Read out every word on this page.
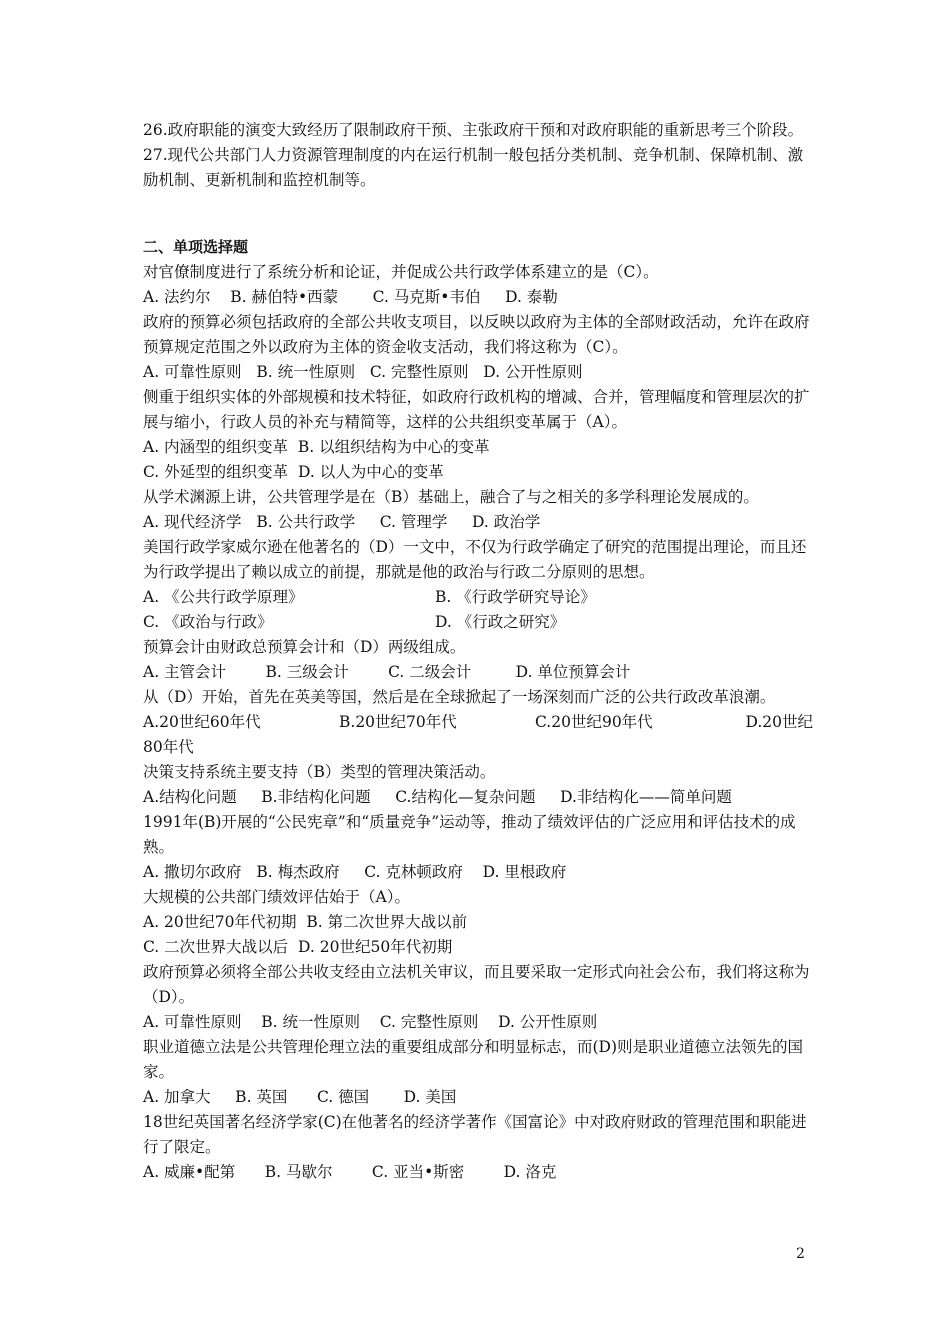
26.政府职能的演变大致经历了限制政府干预、主张政府干预和对政府职能的重新思考三个阶段。

27.现代公共部门人力资源管理制度的内在运行机制一般包括分类机制、竞争机制、保障机制、激励机制、更新机制和监控机制等。

二、单项选择题

对官僚制度进行了系统分析和论证，并促成公共行政学体系建立的是（C）。

A. 法约尔    B. 赫伯特•西蒙       C. 马克斯•韦伯     D. 泰勒

政府的预算必须包括政府的全部公共收支项目，以反映以政府为主体的全部财政活动，允许在政府预算规定范围之外以政府为主体的资金收支活动，我们将这称为（C）。

A. 可靠性原则   B. 统一性原则   C. 完整性原则   D. 公开性原则

侧重于组织实体的外部规模和技术特征，如政府行政机构的增减、合并，管理幅度和管理层次的扩展与缩小，行政人员的补充与精简等，这样的公共组织变革属于（A）。

A. 内涵型的组织变革  B. 以组织结构为中心的变革

C. 外延型的组织变革  D. 以人为中心的变革

从学术渊源上讲，公共管理学是在（B）基础上，融合了与之相关的多学科理论发展成的。

A. 现代经济学   B. 公共行政学     C. 管理学     D. 政治学

美国行政学家威尔逊在他著名的（D）一文中，不仅为行政学确定了研究的范围提出理论，而且还为行政学提出了赖以成立的前提，那就是他的政治与行政二分原则的思想。

A. 《公共行政学原理》	B. 《行政学研究导论》
C. 《政治与行政》	D. 《行政之研究》

预算会计由财政总预算会计和（D）两级组成。

A. 主管会计        B. 三级会计        C. 二级会计         D. 单位预算会计

从（D）开始，首先在英美等国，然后是在全球掀起了一场深刻而广泛的公共行政改革浪潮。

A.20世纪60年代	B.20世纪70年代	C.20世纪90年代	D.20世纪

80年代

决策支持系统主要支持（B）类型的管理决策活动。

A.结构化问题     B.非结构化问题     C.结构化—复杂问题     D.非结构化——简单问题

1991年(B)开展的“公民宪章”和“质量竞争”运动等，推动了绩效评估的广泛应用和评估技术的成熟。

A. 撒切尔政府   B. 梅杰政府     C. 克林顿政府    D. 里根政府

大规模的公共部门绩效评估始于（A）。

A. 20世纪70年代初期  B. 第二次世界大战以前

C. 二次世界大战以后  D. 20世纪50年代初期

政府预算必须将全部公共收支经由立法机关审议，而且要采取一定形式向社会公布，我们将这称为（D）。

A. 可靠性原则    B. 统一性原则    C. 完整性原则    D. 公开性原则

职业道德立法是公共管理伦理立法的重要组成部分和明显标志，而(D)则是职业道德立法领先的国家。

A. 加拿大     B. 英国      C. 德国       D. 美国

18世纪英国著名经济学家(C)在他著名的经济学著作《国富论》中对政府财政的管理范围和职能进行了限定。

A. 威廉•配第      B. 马歇尔        C. 亚当•斯密        D. 洛克

2
